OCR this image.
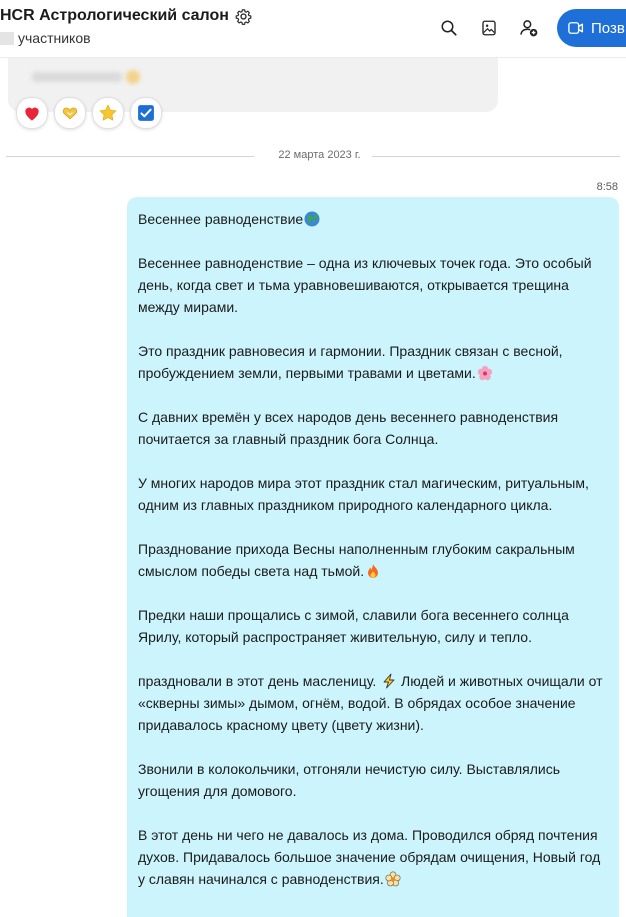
HCR Астрологический салон
участников
Позв
22 марта 2023 г.
8:58

Весеннее равноденствие

Весеннее равноденствие – одна из ключевых точек года. Это особый день, когда свет и тьма уравновешиваются, открывается трещина между мирами.

Это праздник равновесия и гармонии. Праздник связан с весной, пробуждением земли, первыми травами и цветами.

С давних времён у всех народов день весеннего равноденствия почитается за главный праздник бога Солнца.

У многих народов мира этот праздник стал магическим, ритуальным, одним из главных праздником природного календарного цикла.

Празднование прихода Весны наполненным глубоким сакральным смыслом победы света над тьмой.

Предки наши прощались с зимой, славили бога весеннего солнца Ярилу, который распространяет живительную, силу и тепло.

праздновали в этот день масленицу. Людей и животных очищали от «скверны зимы» дымом, огнём, водой. В обрядах особое значение придавалось красному цвету (цвету жизни).

Звонили в колокольчики, отгоняли нечистую силу. Выставлялись угощения для домового.

В этот день ни чего не давалось из дома. Проводился обряд почтения духов. Придавалось большое значение обрядам очищения, Новый год у славян начинался с равноденствия.
